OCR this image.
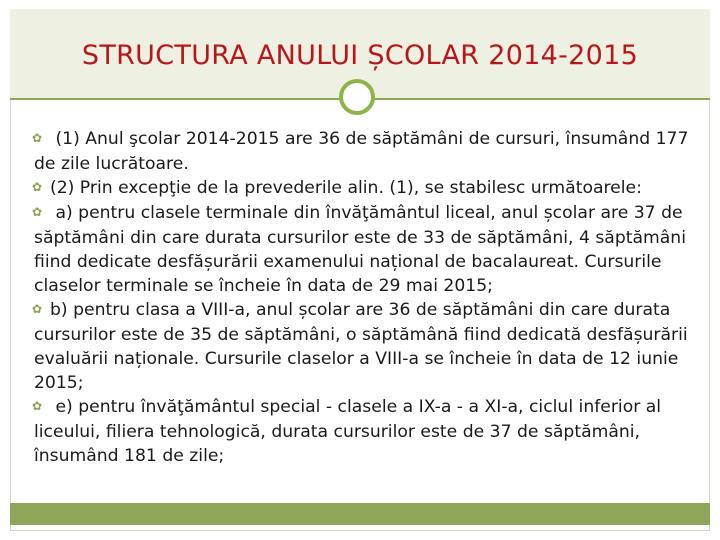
STRUCTURA ANULUI ȘCOLAR 2014-2015

✿ (1) Anul şcolar 2014-2015 are 36 de săptămâni de cursuri, însumând 177 de zile lucrătoare.

✿ (2) Prin excepţie de la prevederile alin. (1), se stabilesc următoarele:

✿ a) pentru clasele terminale din învăţământul liceal, anul școlar are 37 de săptămâni din care durata cursurilor este de 33 de săptămâni, 4 săptămâni fiind dedicate desfășurării examenului național de bacalaureat. Cursurile claselor terminale se încheie în data de 29 mai 2015;

✿ b) pentru clasa a VIII-a, anul școlar are 36 de săptămâni din care durata cursurilor este de 35 de săptămâni, o săptămână fiind dedicată desfășurării evaluării naționale. Cursurile claselor a VIII-a se încheie în data de 12 iunie 2015;

✿ e) pentru învăţământul special - clasele a IX-a - a XI-a, ciclul inferior al liceului, filiera tehnologică, durata cursurilor este de 37 de săptămâni, însumând 181 de zile;
